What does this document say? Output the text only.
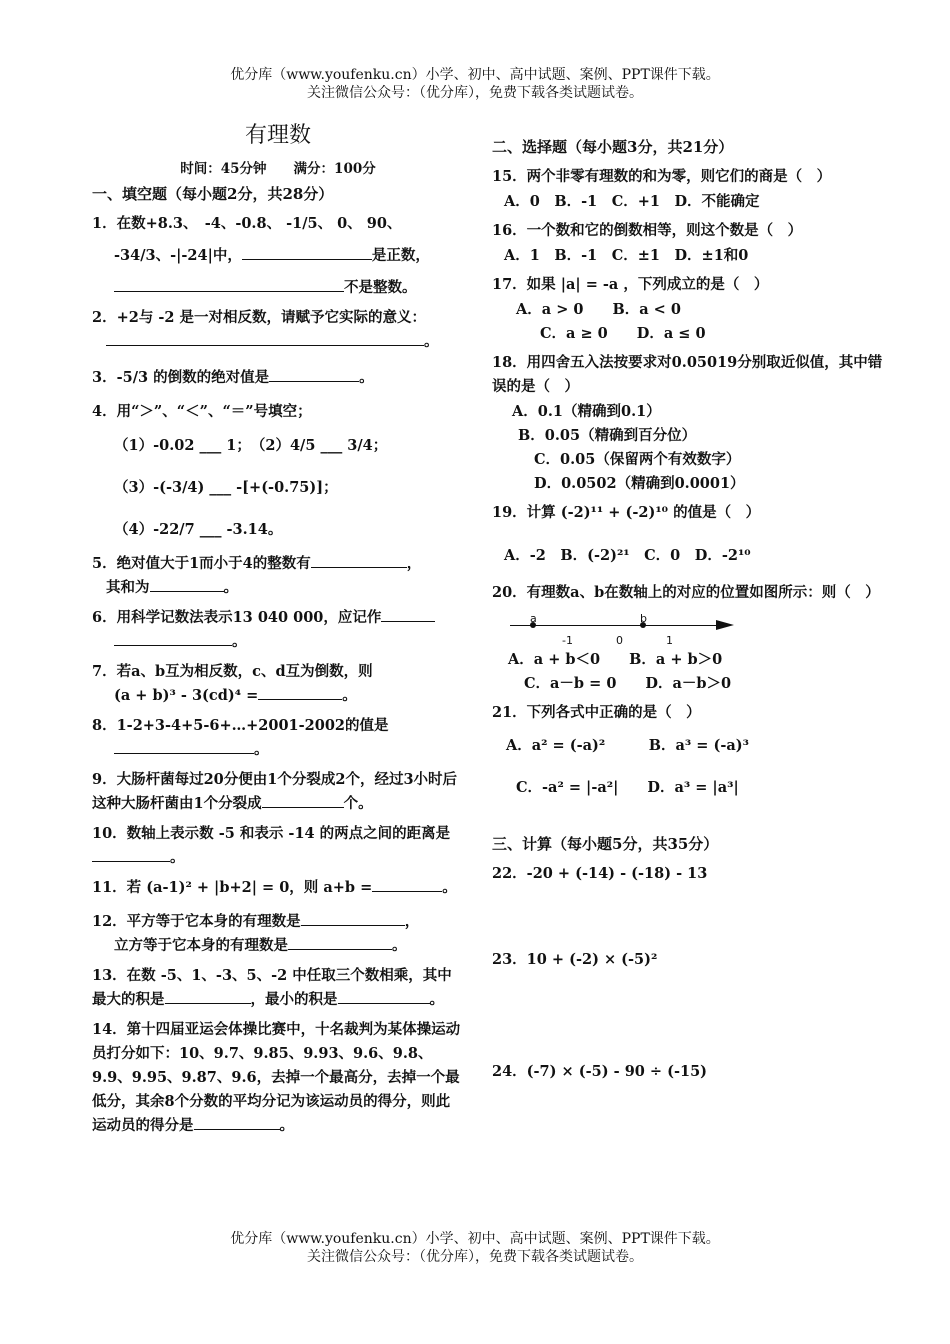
优分库（www.youfenku.cn）小学、初中、高中试题、案例、PPT课件下载。
关注微信公众号：（优分库），免费下载各类试题试卷。
有理数
时间：45分钟　　满分：100分
一、填空题（每小题2分，共28分）
1．在数+8.3、　-4、-0.8、 -1/5、 0、 90、
-34/3、-|-24|中，	是正数，
不是整数。
2．+2与 -2 是一对相反数，请赋予它实际的意义：
。
3．-5/3 的倒数的绝对值是	。
4．用“＞”、“＜”、“＝”号填空；
（1）-0.02 ___ 1；　（2）4/5 ___ 3/4；
（3）-(-3/4) ___ -[+(-0.75)]；
（4）-22/7 ___ -3.14。
5．绝对值大于1而小于4的整数有	，
其和为	。
6．用科学记数法表示13 040 000，应记作
。
7．若a、b互为相反数，c、d互为倒数，则
(a + b)³ - 3(cd)⁴ =	。
8．1-2+3-4+5-6+…+2001-2002的值是
。
9．大肠杆菌每过20分便由1个分裂成2个，经过3小时后这种大肠杆菌由1个分裂成	个。
10．数轴上表示数 -5 和表示 -14 的两点之间的距离是。
11．若 (a-1)² + |b+2| = 0，则 a+b =	。
12．平方等于它本身的有理数是	，
立方等于它本身的有理数是	。
13．在数 -5、1、-3、5、-2 中任取三个数相乘，其中最大的积是	，最小的积是	。
14．第十四届亚运会体操比赛中，十名裁判为某体操运动员打分如下：10、9.7、9.85、9.93、9.6、9.8、9.9、9.95、9.87、9.6，去掉一个最高分，去掉一个最低分，其余8个分数的平均分记为该运动员的得分，则此运动员的得分是	。
二、选择题（每小题3分，共21分）
15．两个非零有理数的和为零，则它们的商是（　）
A．0　B．-1　C．+1　D．不能确定
16．一个数和它的倒数相等，则这个数是（　）
A．1　B．-1　C．±1　D．±1和0
17．如果 |a| = -a ，下列成立的是（　）
A．a > 0　　B．a < 0
C．a ≥ 0　　D．a ≤ 0
18．用四舍五入法按要求对0.05019分别取近似值，其中错误的是（　）
A．0.1（精确到0.1）
B．0.05（精确到百分位）
C．0.05（保留两个有效数字）
D．0.0502（精确到0.0001）
19．计算 (-2)¹¹ + (-2)¹⁰ 的值是（　）
A．-2　B．(-2)²¹　C．0　D．-2¹⁰
20．有理数a、b在数轴上的对应的位置如图所示：则（　）
a	b
-1	0	1
A．a + b＜0　　B．a + b＞0
C．a－b = 0　　D．a－b＞0
21．下列各式中正确的是（　）
A．a² = (-a)²　　　B．a³ = (-a)³
C．-a² = |-a²|　　D．a³ = |a³|
三、计算（每小题5分，共35分）
22．-20 + (-14) - (-18) - 13
23．10 + (-2) × (-5)²
24．(-7) × (-5) - 90 ÷ (-15)
优分库（www.youfenku.cn）小学、初中、高中试题、案例、PPT课件下载。
关注微信公众号：（优分库），免费下载各类试题试卷。
